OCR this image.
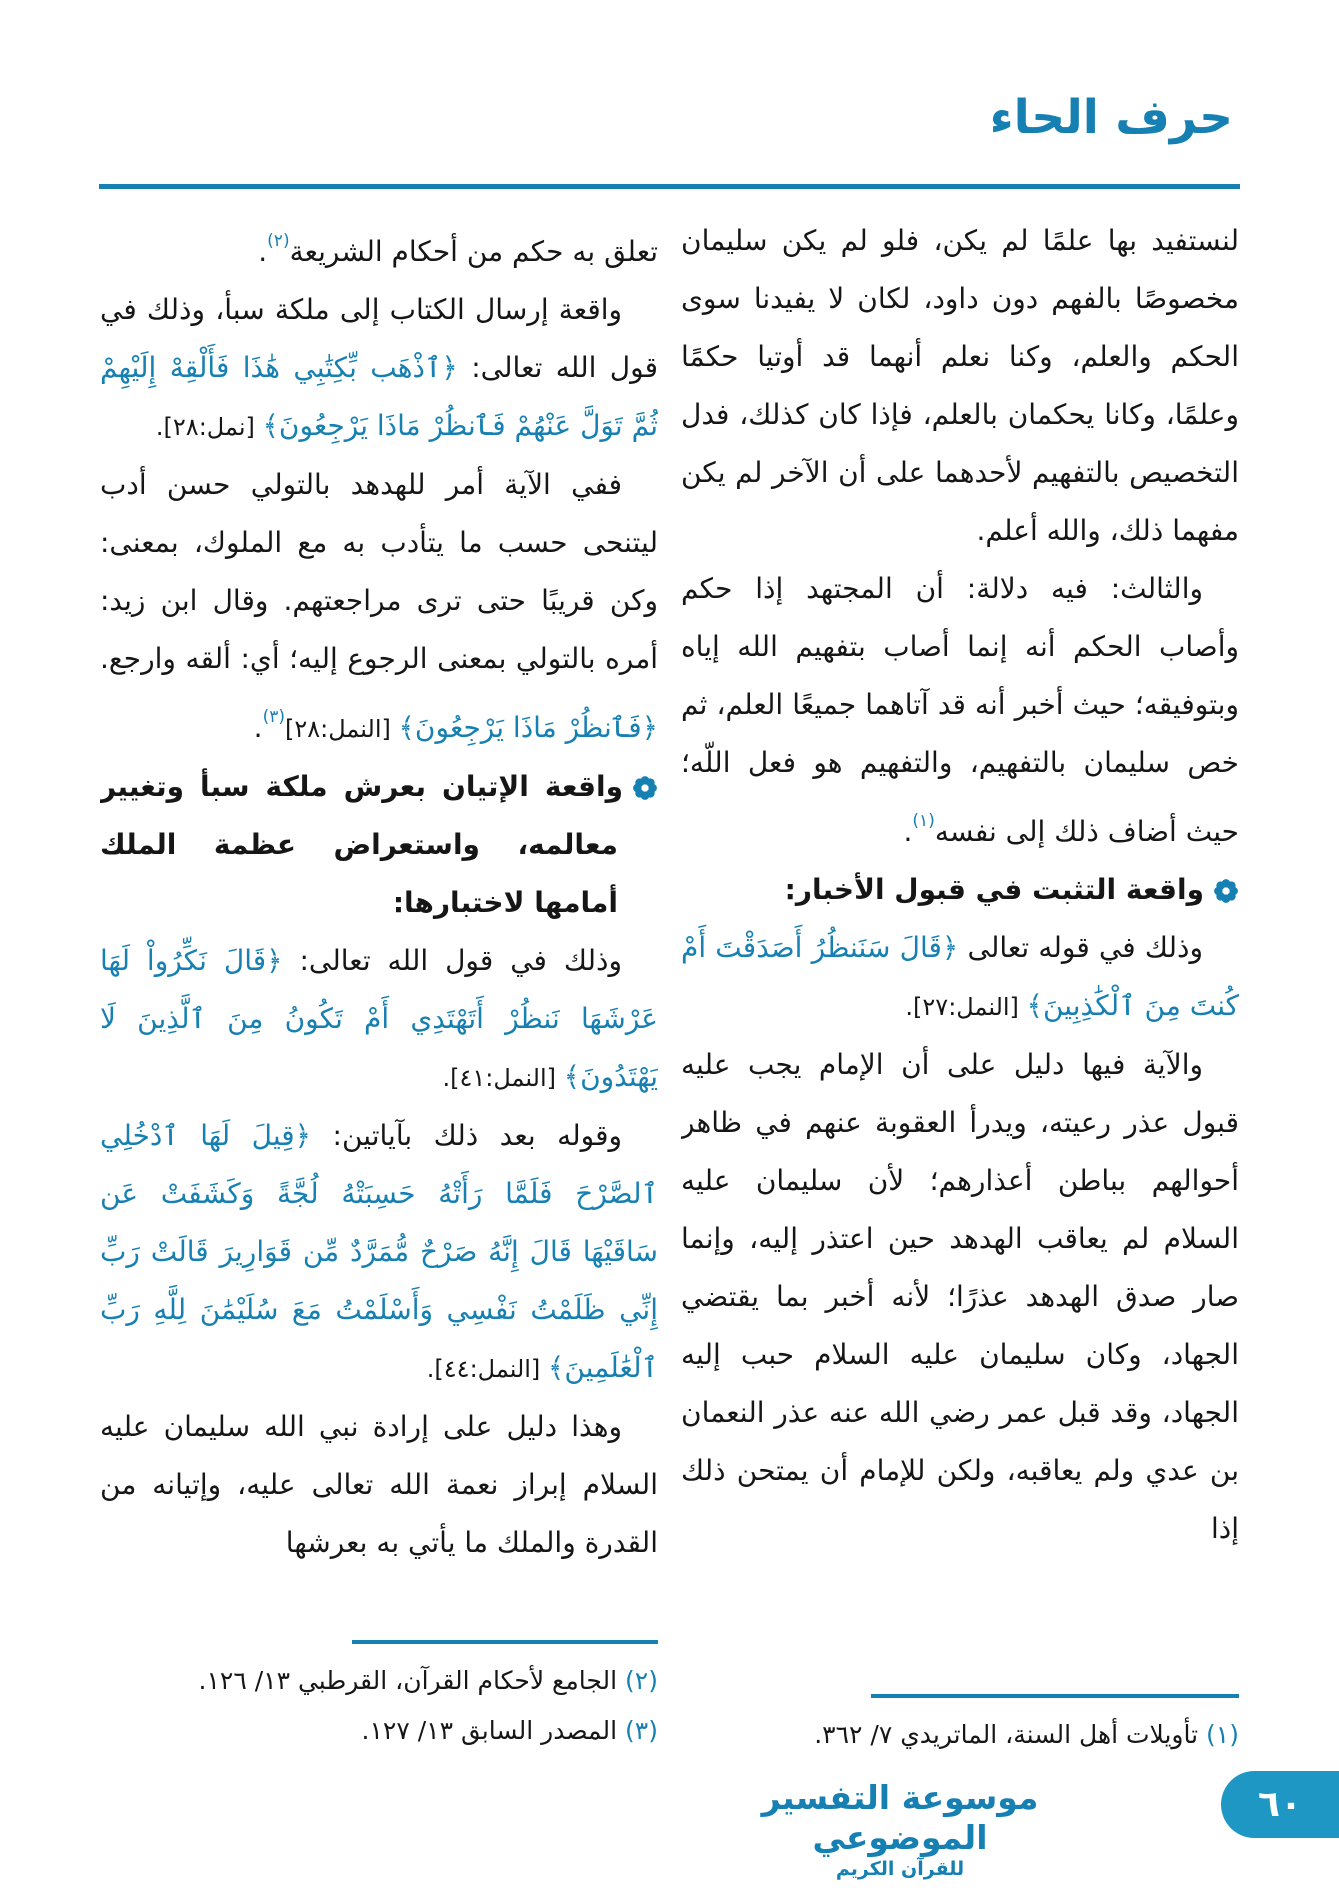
حرف الحاء

لنستفيد بها علمًا لم يكن، فلو لم يكن سليمان مخصوصًا بالفهم دون داود، لكان لا يفيدنا سوى الحكم والعلم، وكنا نعلم أنهما قد أوتيا حكمًا وعلمًا، وكانا يحكمان بالعلم، فإذا كان كذلك، فدل التخصيص بالتفهيم لأحدهما على أن الآخر لم يكن مفهما ذلك، والله أعلم.

والثالث: فيه دلالة: أن المجتهد إذا حكم وأصاب الحكم أنه إنما أصاب بتفهيم الله إياه وبتوفيقه؛ حيث أخبر أنه قد آتاهما جميعًا العلم، ثم خص سليمان بالتفهيم، والتفهيم هو فعل اللّه؛ حيث أضاف ذلك إلى نفسه$^{(١)}$.

واقعة التثبت في قبول الأخبار:

وذلك في قوله تعالى ﴿قَالَ سَنَنظُرُ أَصَدَقْتَ أَمْ كُنتَ مِنَ ٱلْكَٰذِبِينَ﴾ [النمل:٢٧].

والآية فيها دليل على أن الإمام يجب عليه قبول عذر رعيته، ويدرأ العقوبة عنهم في ظاهر أحوالهم بباطن أعذارهم؛ لأن سليمان عليه السلام لم يعاقب الهدهد حين اعتذر إليه، وإنما صار صدق الهدهد عذرًا؛ لأنه أخبر بما يقتضي الجهاد، وكان سليمان عليه السلام حبب إليه الجهاد، وقد قبل عمر رضي الله عنه عذر النعمان بن عدي ولم يعاقبه، ولكن للإمام أن يمتحن ذلك إذا

تعلق به حكم من أحكام الشريعة$^{(٢)}$.

واقعة إرسال الكتاب إلى ملكة سبأ، وذلك في قول الله تعالى: ﴿ٱذْهَب بِّكِتَٰبِي هَٰذَا فَأَلْقِهْ إِلَيْهِمْ ثُمَّ تَوَلَّ عَنْهُمْ فَٱنظُرْ مَاذَا يَرْجِعُونَ﴾ [نمل:٢٨].

ففي الآية أمر للهدهد بالتولي حسن أدب ليتنحى حسب ما يتأدب به مع الملوك، بمعنى: وكن قريبًا حتى ترى مراجعتهم. وقال ابن زيد: أمره بالتولي بمعنى الرجوع إليه؛ أي: ألقه وارجع. ﴿فَٱنظُرْ مَاذَا يَرْجِعُونَ﴾ [النمل:٢٨]$^{(٣)}$.

واقعة الإتيان بعرش ملكة سبأ وتغيير معالمه، واستعراض عظمة الملك أمامها لاختبارها:

وذلك في قول الله تعالى: ﴿قَالَ نَكِّرُواْ لَهَا عَرْشَهَا نَنظُرْ أَتَهْتَدِي أَمْ تَكُونُ مِنَ ٱلَّذِينَ لَا يَهْتَدُونَ﴾ [النمل:٤١].

وقوله بعد ذلك بآياتين: ﴿قِيلَ لَهَا ٱدْخُلِي ٱلصَّرْحَ فَلَمَّا رَأَتْهُ حَسِبَتْهُ لُجَّةً وَكَشَفَتْ عَن سَاقَيْهَا قَالَ إِنَّهُ صَرْحٌ مُّمَرَّدٌ مِّن قَوَارِيرَ قَالَتْ رَبِّ إِنِّي ظَلَمْتُ نَفْسِي وَأَسْلَمْتُ مَعَ سُلَيْمَٰنَ لِلَّهِ رَبِّ ٱلْعَٰلَمِينَ﴾ [النمل:٤٤].

وهذا دليل على إرادة نبي الله سليمان عليه السلام إبراز نعمة الله تعالى عليه، وإتيانه من القدرة والملك ما يأتي به بعرشها

(١) تأويلات أهل السنة، الماتريدي ٧/ ٣٦٢.
(٢) الجامع لأحكام القرآن، القرطبي ١٣/ ١٢٦.
(٣) المصدر السابق ١٣/ ١٢٧.
موسوعة التفسير الموضوعي
للقرآن الكريم
٦٠
